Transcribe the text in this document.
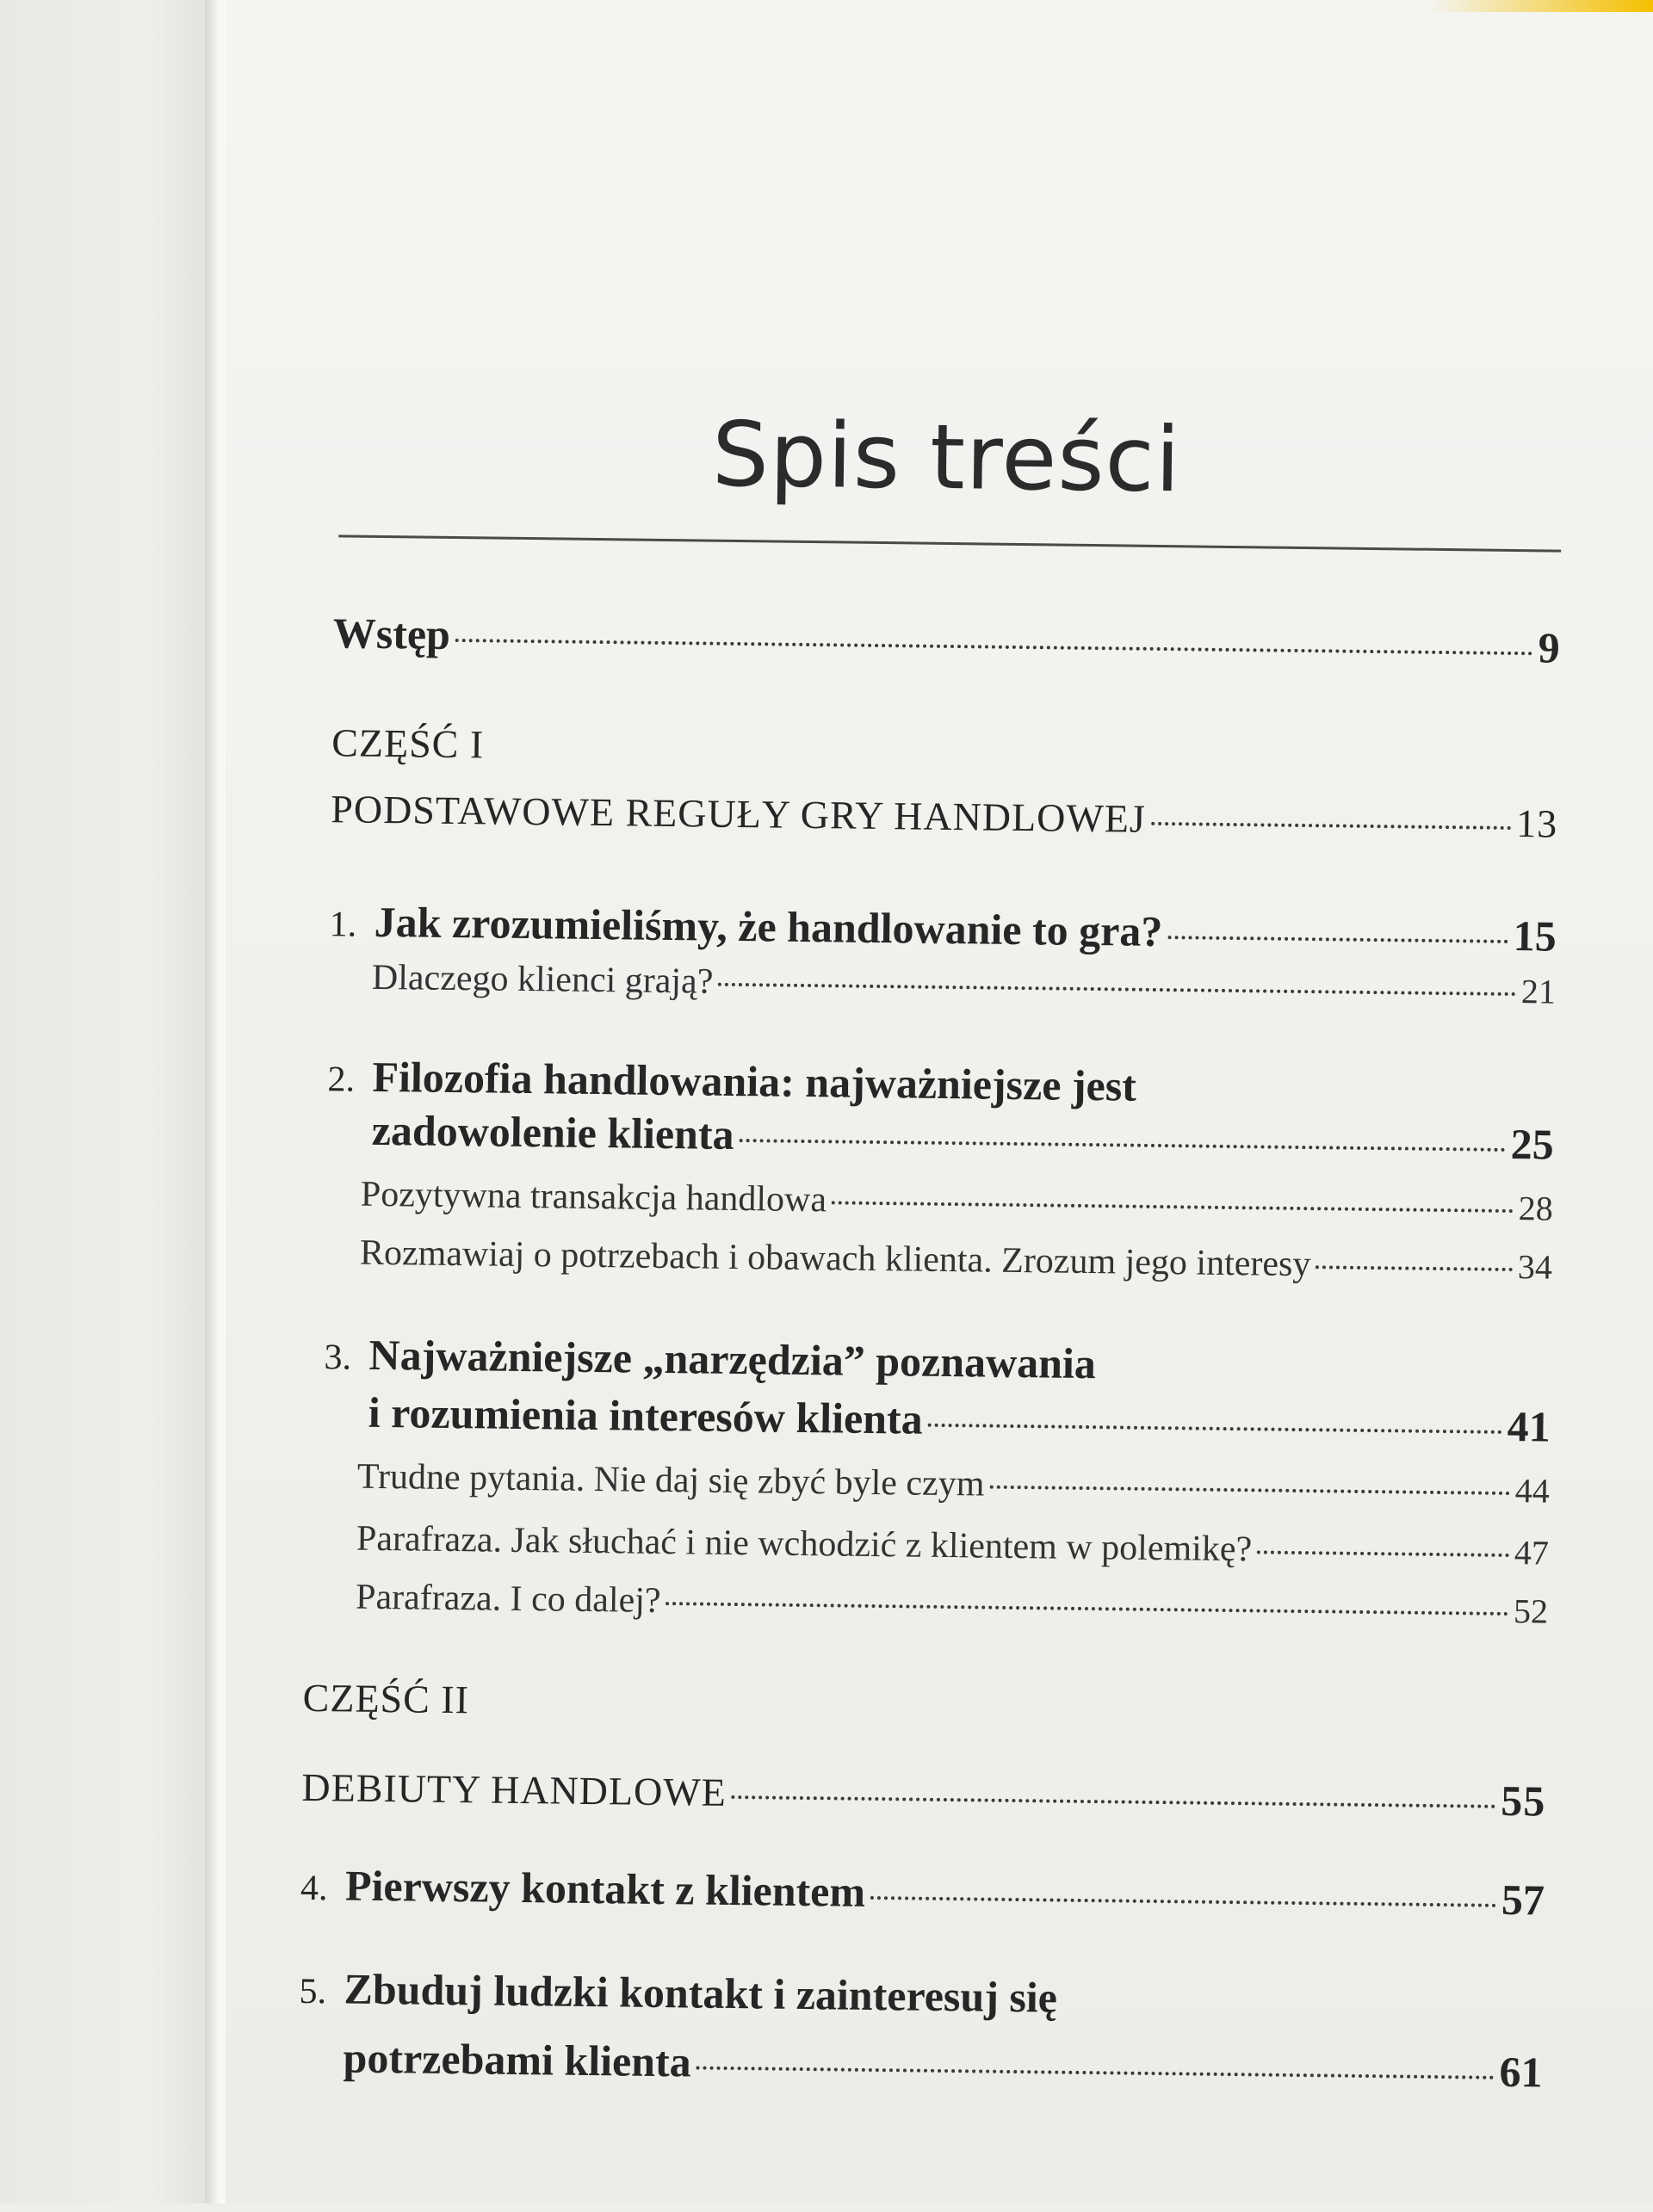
Spis treści
Wstęp	9
CZĘŚĆ I
PODSTAWOWE REGUŁY GRY HANDLOWEJ	13
1. Jak zrozumieliśmy, że handlowanie to gra?	15
Dlaczego klienci grają?	21
2. Filozofia handlowania: najważniejsze jest
zadowolenie klienta	25
Pozytywna transakcja handlowa	28
Rozmawiaj o potrzebach i obawach klienta. Zrozum jego interesy	34
3. Najważniejsze „narzędzia” poznawania
i rozumienia interesów klienta	41
Trudne pytania. Nie daj się zbyć byle czym	44
Parafraza. Jak słuchać i nie wchodzić z klientem w polemikę?	47
Parafraza. I co dalej?	52
CZĘŚĆ II
DEBIUTY HANDLOWE	55
4. Pierwszy kontakt z klientem	57
5. Zbuduj ludzki kontakt i zainteresuj się
potrzebami klienta	61
